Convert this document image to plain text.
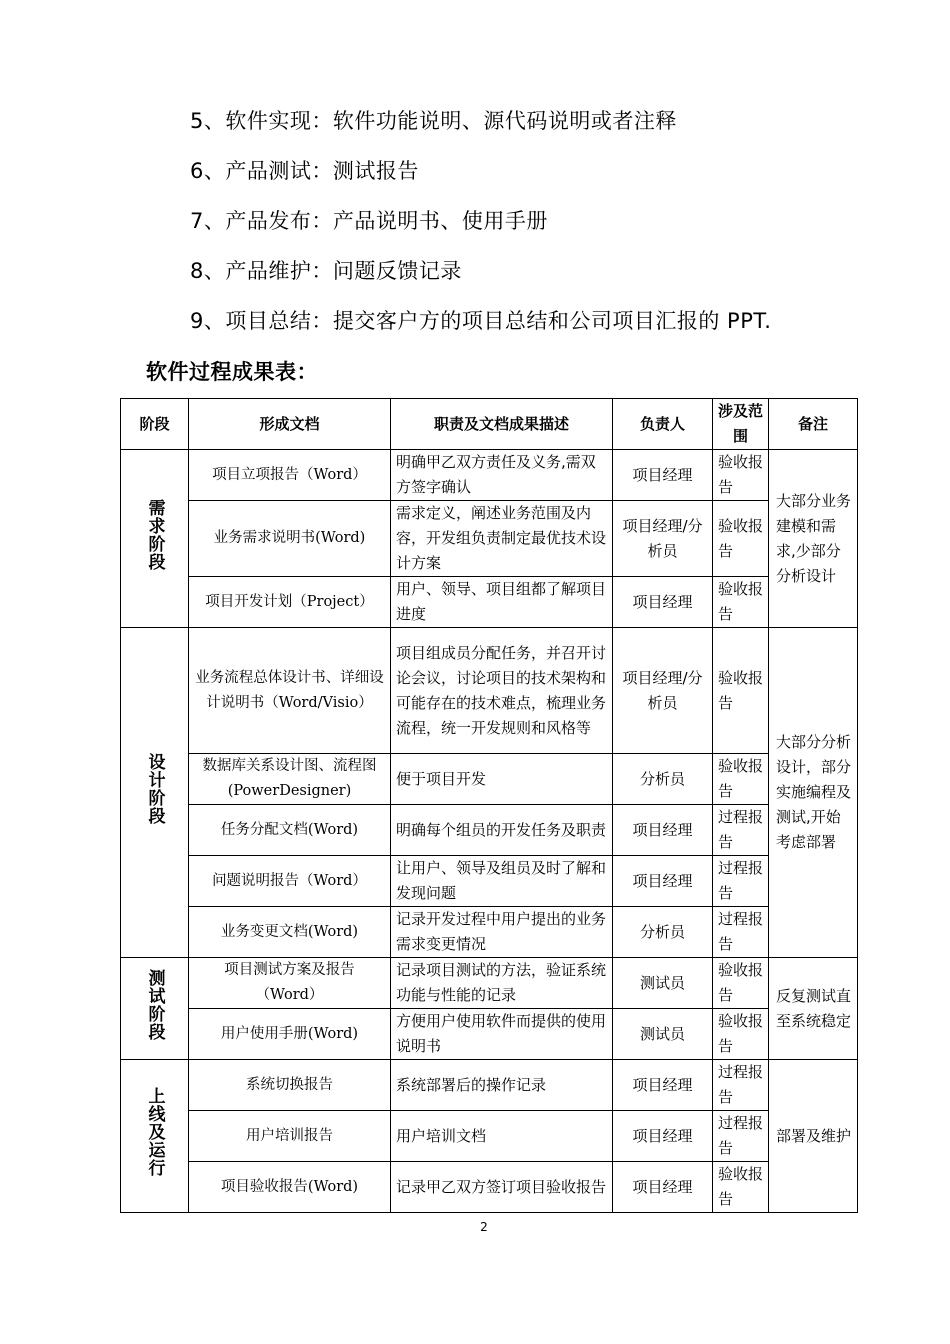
5、软件实现：软件功能说明、源代码说明或者注释
6、产品测试：测试报告
7、产品发布：产品说明书、使用手册
8、产品维护：问题反馈记录
9、项目总结：提交客户方的项目总结和公司项目汇报的 PPT.
软件过程成果表：
阶段	形成文档	职责及文档成果描述	负责人	涉及范围	备注
需求阶段	项目立项报告（Word）	明确甲乙双方责任及义务,需双方签字确认	项目经理	验收报告	大部分业务建模和需求,少部分分析设计
	业务需求说明书(Word)	需求定义，阐述业务范围及内容，开发组负责制定最优技术设计方案	项目经理/分析员	验收报告	
	项目开发计划（Project）	用户、领导、项目组都了解项目进度	项目经理	验收报告	
设计阶段	业务流程总体设计书、详细设计说明书（Word/Visio）	项目组成员分配任务，并召开讨论会议，讨论项目的技术架构和可能存在的技术难点，梳理业务流程，统一开发规则和风格等	项目经理/分析员	验收报告	大部分分析设计，部分实施编程及测试,开始考虑部署
	数据库关系设计图、流程图(PowerDesigner)	便于项目开发	分析员	验收报告	
	任务分配文档(Word)	明确每个组员的开发任务及职责	项目经理	过程报告	
	问题说明报告（Word）	让用户、领导及组员及时了解和发现问题	项目经理	过程报告	
	业务变更文档(Word)	记录开发过程中用户提出的业务需求变更情况	分析员	过程报告	
测试阶段	项目测试方案及报告（Word）	记录项目测试的方法，验证系统功能与性能的记录	测试员	验收报告	反复测试直至系统稳定
	用户使用手册(Word)	方便用户使用软件而提供的使用说明书	测试员	验收报告	
上线及运行	系统切换报告	系统部署后的操作记录	项目经理	过程报告	部署及维护
	用户培训报告	用户培训文档	项目经理	过程报告	
	项目验收报告(Word)	记录甲乙双方签订项目验收报告	项目经理	验收报告	
2
